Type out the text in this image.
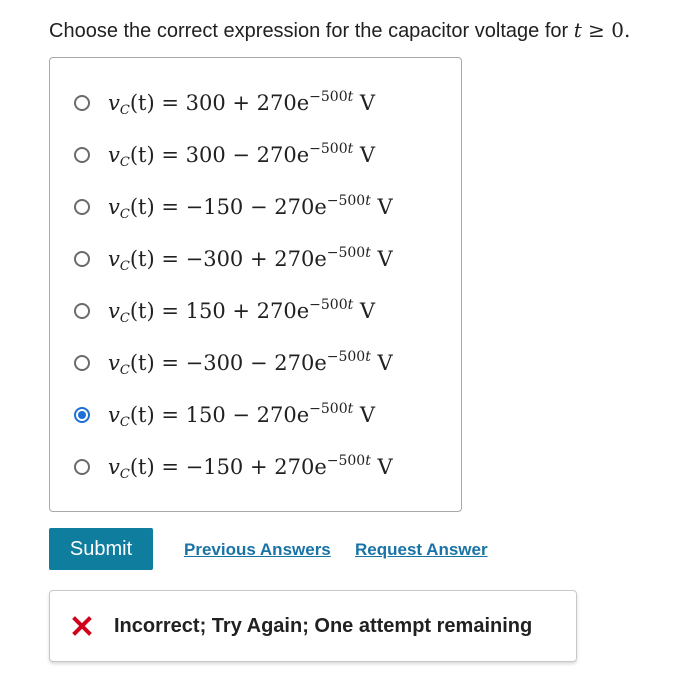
Choose the correct expression for the capacitor voltage for t ≥ 0.
$v_C(t) = 300 + 270e^{-500t}$ V
$v_C(t) = 300 - 270e^{-500t}$ V
$v_C(t) = -150 - 270e^{-500t}$ V
$v_C(t) = -300 + 270e^{-500t}$ V
$v_C(t) = 150 + 270e^{-500t}$ V
$v_C(t) = -300 - 270e^{-500t}$ V
$v_C(t) = 150 - 270e^{-500t}$ V
$v_C(t) = -150 + 270e^{-500t}$ V
Submit	Previous Answers Request Answer
Incorrect; Try Again; One attempt remaining
